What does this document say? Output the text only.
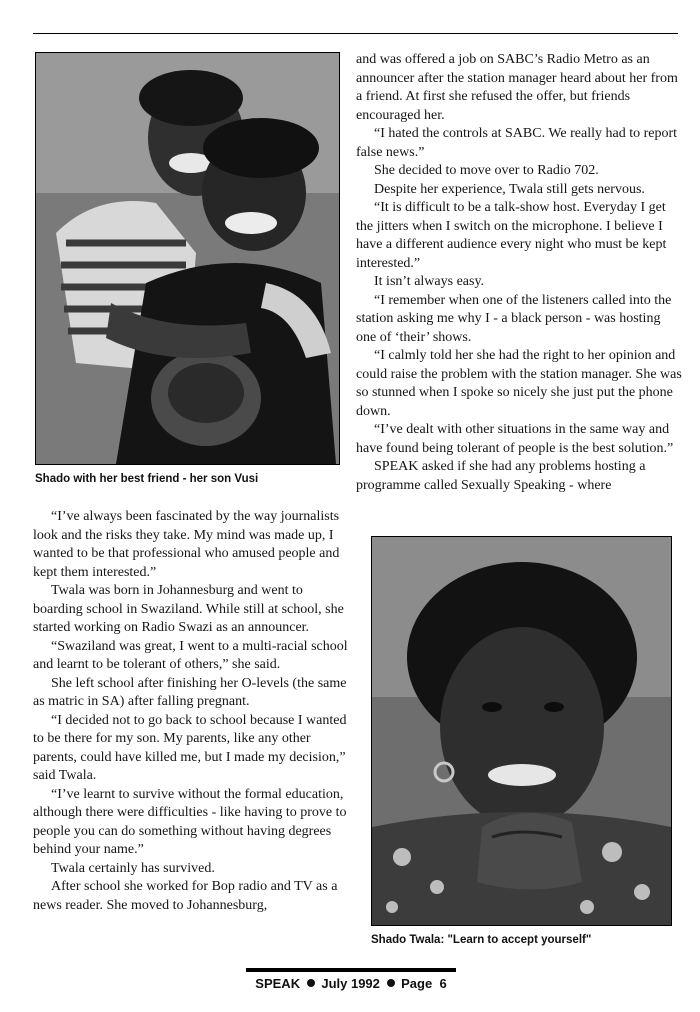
Shado with her best friend - her son Vusi

“I’ve always been fascinated by the way journalists look and the risks they take. My mind was made up, I wanted to be that professional who amused people and kept them interested.”

Twala was born in Johannesburg and went to boarding school in Swaziland. While still at school, she started working on Radio Swazi as an announcer.

“Swaziland was great, I went to a multi-racial school and learnt to be tolerant of others,” she said.

She left school after finishing her O-levels (the same as matric in SA) after falling pregnant.

“I decided not to go back to school because I wanted to be there for my son. My parents, like any other parents, could have killed me, but I made my decision,” said Twala.

“I’ve learnt to survive without the formal education, although there were difficulties - like having to prove to people you can do something without having degrees behind your name.”

Twala certainly has survived.

After school she worked for Bop radio and TV as a news reader. She moved to Johannesburg,

and was offered a job on SABC’s Radio Metro as an announcer after the station manager heard about her from a friend. At first she refused the offer, but friends encouraged her.

“I hated the controls at SABC. We really had to report false news.”

She decided to move over to Radio 702.

Despite her experience, Twala still gets nervous.

“It is difficult to be a talk-show host. Everyday I get the jitters when I switch on the microphone. I believe I have a different audience every night who must be kept interested.”

It isn’t always easy.

“I remember when one of the listeners called into the station asking me why I - a black person - was hosting one of ‘their’ shows.

“I calmly told her she had the right to her opinion and could raise the problem with the station manager. She was so stunned when I spoke so nicely she just put the phone down.

“I’ve dealt with other situations in the same way and have found being tolerant of people is the best solution.”

SPEAK asked if she had any problems hosting a programme called Sexually Speaking - where

Shado Twala: "Learn to accept yourself"
SPEAK July 1992 Page 6
